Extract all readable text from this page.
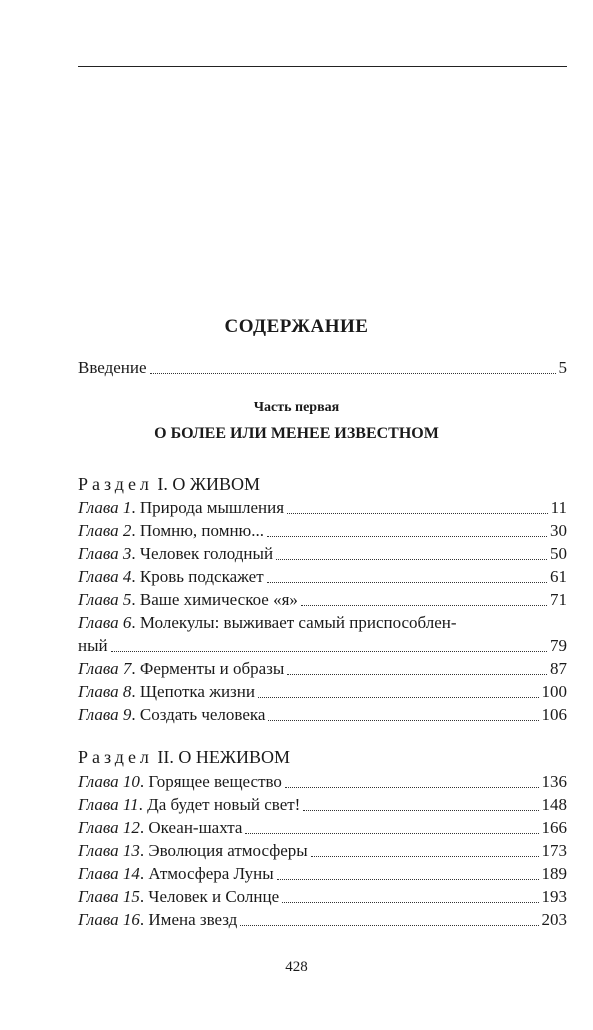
СОДЕРЖАНИЕ
Введение	5
Часть первая
О БОЛЕЕ ИЛИ МЕНЕЕ ИЗВЕСТНОМ
Раздел I. О ЖИВОМ
Глава 1. Природа мышления	11
Глава 2. Помню, помню...	30
Глава 3. Человек голодный	50
Глава 4. Кровь подскажет	61
Глава 5. Ваше химическое «я»	71
Глава 6. Молекулы: выживает самый приспособлен-
ный	79
Глава 7. Ферменты и образы	87
Глава 8. Щепотка жизни	100
Глава 9. Создать человека	106
Раздел II. О НЕЖИВОМ
Глава 10. Горящее вещество	136
Глава 11. Да будет новый свет!	148
Глава 12. Океан-шахта	166
Глава 13. Эволюция атмосферы	173
Глава 14. Атмосфера Луны	189
Глава 15. Человек и Солнце	193
Глава 16. Имена звезд	203
428
